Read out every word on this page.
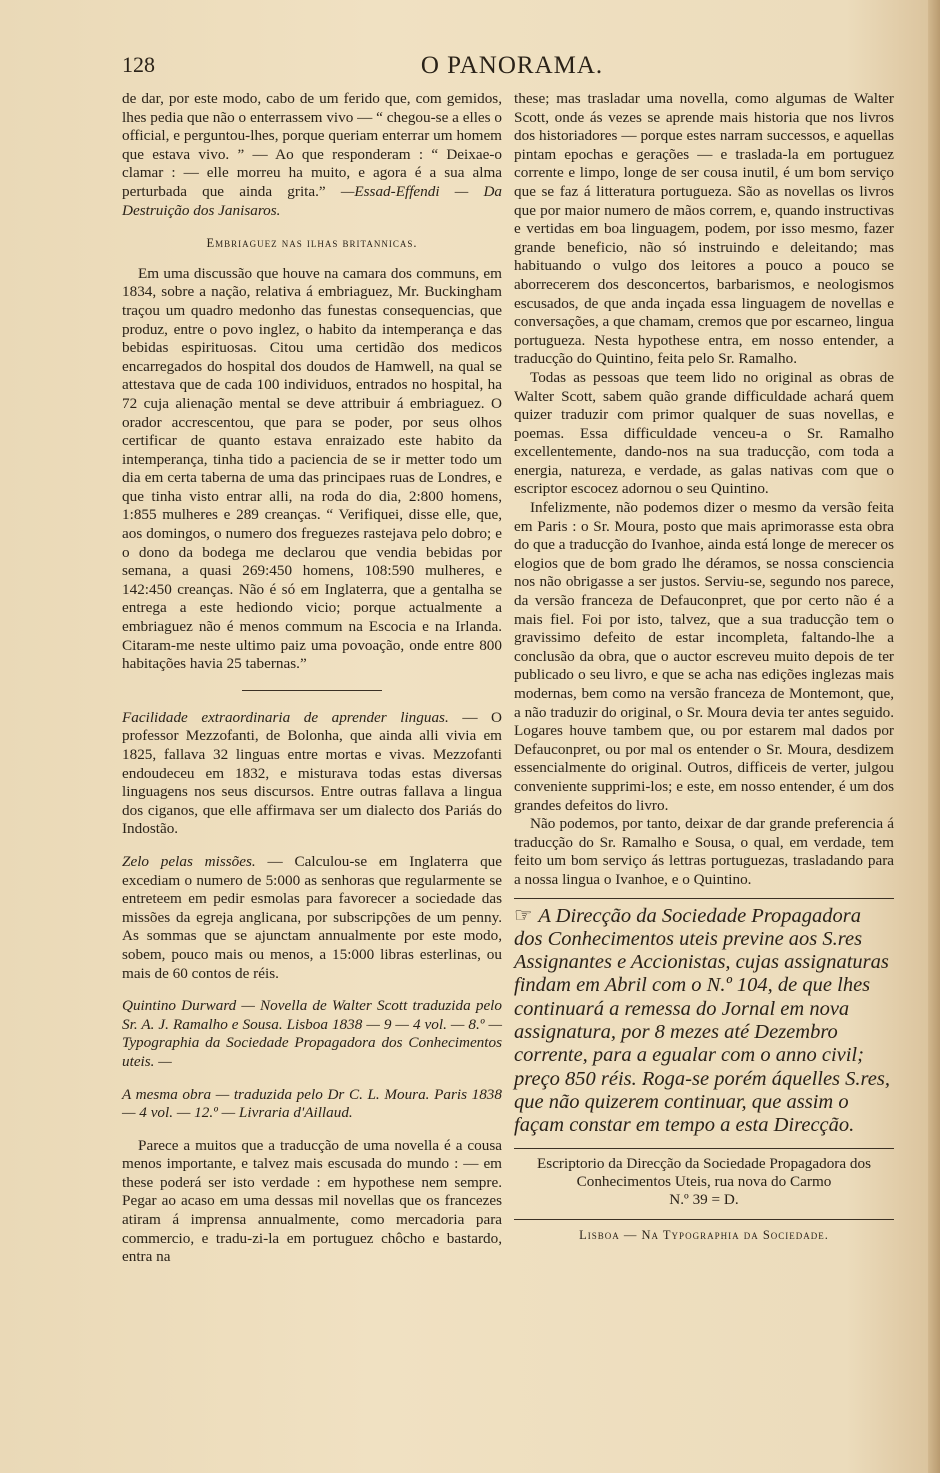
128	O PANORAMA.

de dar, por este modo, cabo de um ferido que, com gemidos, lhes pedia que não o enterrassem vivo — “ chegou-se a elles o official, e perguntou-lhes, porque queriam enterrar um homem que estava vivo. ” — Ao que responderam : “ Deixae-o clamar : — elle morreu ha muito, e agora é a sua alma perturbada que ainda grita.” —Essad-Effendi — Da Destruição dos Janisaros.

Embriaguez nas ilhas britannicas.

Em uma discussão que houve na camara dos communs, em 1834, sobre a nação, relativa á embriaguez, Mr. Buckingham traçou um quadro medonho das funestas consequencias, que produz, entre o povo inglez, o habito da intemperança e das bebidas espirituosas. Citou uma certidão dos medicos encarregados do hospital dos doudos de Hamwell, na qual se attestava que de cada 100 individuos, entrados no hospital, ha 72 cuja alienação mental se deve attribuir á embriaguez. O orador accrescentou, que para se poder, por seus olhos certificar de quanto estava enraizado este habito da intemperança, tinha tido a paciencia de se ir metter todo um dia em certa taberna de uma das principaes ruas de Londres, e que tinha visto entrar alli, na roda do dia, 2:800 homens, 1:855 mulheres e 289 creanças. “ Verifiquei, disse elle, que, aos domingos, o numero dos freguezes rastejava pelo dobro; e o dono da bodega me declarou que vendia bebidas por semana, a quasi 269:450 homens, 108:590 mulheres, e 142:450 creanças. Não é só em Inglaterra, que a gentalha se entrega a este hediondo vicio; porque actualmente a embriaguez não é menos commum na Escocia e na Irlanda. Citaram-me neste ultimo paiz uma povoação, onde entre 800 habitações havia 25 tabernas.”

Facilidade extraordinaria de aprender linguas. — O professor Mezzofanti, de Bolonha, que ainda alli vivia em 1825, fallava 32 linguas entre mortas e vivas. Mezzofanti endoudeceu em 1832, e misturava todas estas diversas linguagens nos seus discursos. Entre outras fallava a lingua dos ciganos, que elle affirmava ser um dialecto dos Pariás do Indostão.

Zelo pelas missões. — Calculou-se em Inglaterra que excediam o numero de 5:000 as senhoras que regularmente se entreteem em pedir esmolas para favorecer a sociedade das missões da egreja anglicana, por subscripções de um penny. As sommas que se ajunctam annualmente por este modo, sobem, pouco mais ou menos, a 15:000 libras esterlinas, ou mais de 60 contos de réis.

Quintino Durward — Novella de Walter Scott traduzida pelo Sr. A. J. Ramalho e Sousa. Lisboa 1838 — 9 — 4 vol. — 8.º — Typographia da Sociedade Propagadora dos Conhecimentos uteis. —

A mesma obra — traduzida pelo Dr C. L. Moura. Paris 1838 — 4 vol. — 12.º — Livraria d'Aillaud.

Parece a muitos que a traducção de uma novella é a cousa menos importante, e talvez mais escusada do mundo : — em these poderá ser isto verdade : em hypothese nem sempre. Pegar ao acaso em uma dessas mil novellas que os francezes atiram á imprensa annualmente, como mercadoria para commercio, e tradu-zi-la em portuguez chôcho e bastardo, entra na

these; mas trasladar uma novella, como algumas de Walter Scott, onde ás vezes se aprende mais historia que nos livros dos historiadores — porque estes narram successos, e aquellas pintam epochas e gerações — e traslada-la em portuguez corrente e limpo, longe de ser cousa inutil, é um bom serviço que se faz á litteratura portugueza. São as novellas os livros que por maior numero de mãos correm, e, quando instructivas e vertidas em boa linguagem, podem, por isso mesmo, fazer grande beneficio, não só instruindo e deleitando; mas habituando o vulgo dos leitores a pouco a pouco se aborrecerem dos desconcertos, barbarismos, e neologismos escusados, de que anda inçada essa linguagem de novellas e conversações, a que chamam, cremos que por escarneo, lingua portugueza. Nesta hypothese entra, em nosso entender, a traducção do Quintino, feita pelo Sr. Ramalho.

Todas as pessoas que teem lido no original as obras de Walter Scott, sabem quão grande difficuldade achará quem quizer traduzir com primor qualquer de suas novellas, e poemas. Essa difficuldade venceu-a o Sr. Ramalho excellentemente, dando-nos na sua traducção, com toda a energia, natureza, e verdade, as galas nativas com que o escriptor escocez adornou o seu Quintino.

Infelizmente, não podemos dizer o mesmo da versão feita em Paris : o Sr. Moura, posto que mais aprimorasse esta obra do que a traducção do Ivanhoe, ainda está longe de merecer os elogios que de bom grado lhe déramos, se nossa consciencia nos não obrigasse a ser justos. Serviu-se, segundo nos parece, da versão franceza de Defauconpret, que por certo não é a mais fiel. Foi por isto, talvez, que a sua traducção tem o gravissimo defeito de estar incompleta, faltando-lhe a conclusão da obra, que o auctor escreveu muito depois de ter publicado o seu livro, e que se acha nas edições inglezas mais modernas, bem como na versão franceza de Montemont, que, a não traduzir do original, o Sr. Moura devia ter antes seguido. Logares houve tambem que, ou por estarem mal dados por Defauconpret, ou por mal os entender o Sr. Moura, desdizem essencialmente do original. Outros, difficeis de verter, julgou conveniente supprimi-los; e este, em nosso entender, é um dos grandes defeitos do livro.

Não podemos, por tanto, deixar de dar grande preferencia á traducção do Sr. Ramalho e Sousa, o qual, em verdade, tem feito um bom serviço ás lettras portuguezas, trasladando para a nossa lingua o Ivanhoe, e o Quintino.

☞ A Direcção da Sociedade Propagadora dos Conhecimentos uteis previne aos S.res Assignantes e Accionistas, cujas assignaturas findam em Abril com o N.º 104, de que lhes continuará a remessa do Jornal em nova assignatura, por 8 mezes até Dezembro corrente, para a egualar com o anno civil; preço 850 réis. Roga-se porém áquelles S.res, que não quizerem continuar, que assim o façam constar em tempo a esta Direcção.
Escriptorio da Direcção da Sociedade Propagadora dos Conhecimentos Uteis, rua nova do Carmo
N.º 39 = D.
Lisboa — Na Typographia da Sociedade.
